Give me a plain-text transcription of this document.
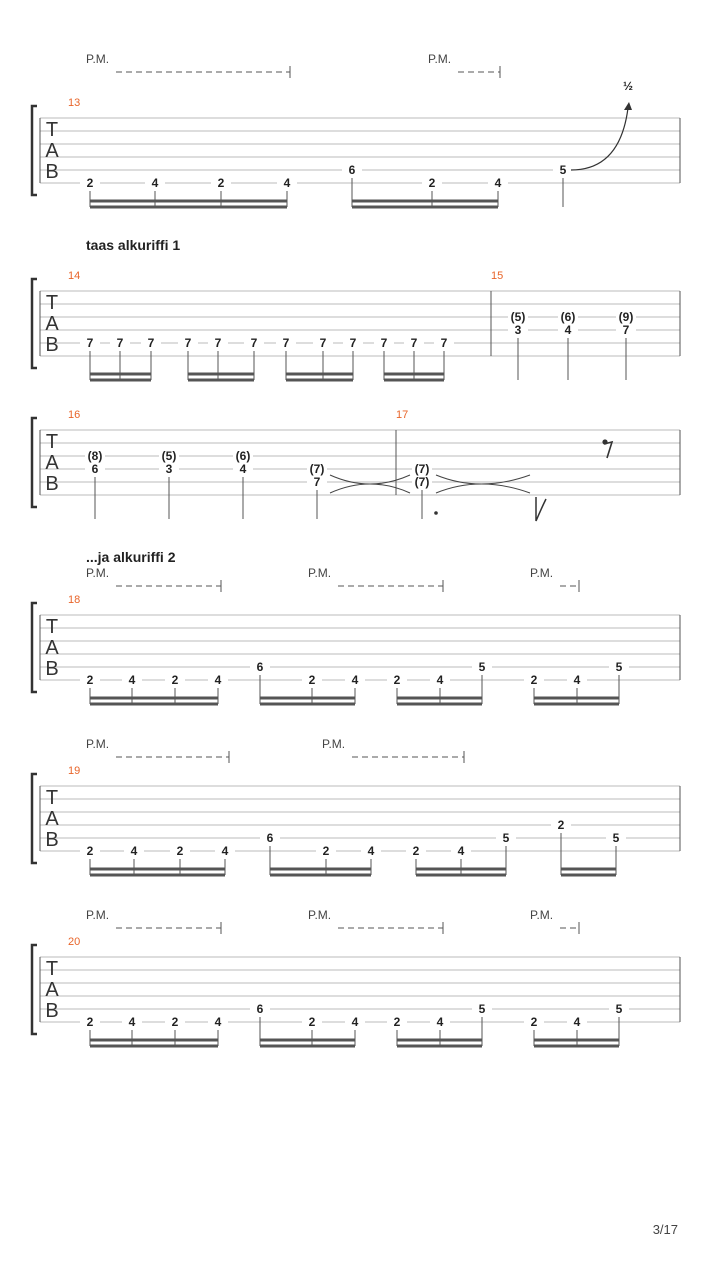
T
A
B
13
P.M.	P.M.
2	4	2	4
6
2	4
5
½
T
A
B
14	15
taas alkuriffi 1
7 7 7	7 7 7 7	7 7 7 7 7
(5)
3
(6)
4
(9)
7
T
A
B
16	17
(8)
6
(5)
3
(6)
4	(7)
7
(7)
(7)
T
A
B
18
...ja alkuriffi 2
P.M.	P.M.	P.M.
2	4	2	4
6
2	4	2	4
5
2	4
5
T
A
B
19
P.M.	P.M.
2	4	2	4
6
2	4	2	4
5
2
5
T
A
B
20
P.M.	P.M.	P.M.
2	4	2	4
6
2	4	2	4
5
2	4
5
3/17
